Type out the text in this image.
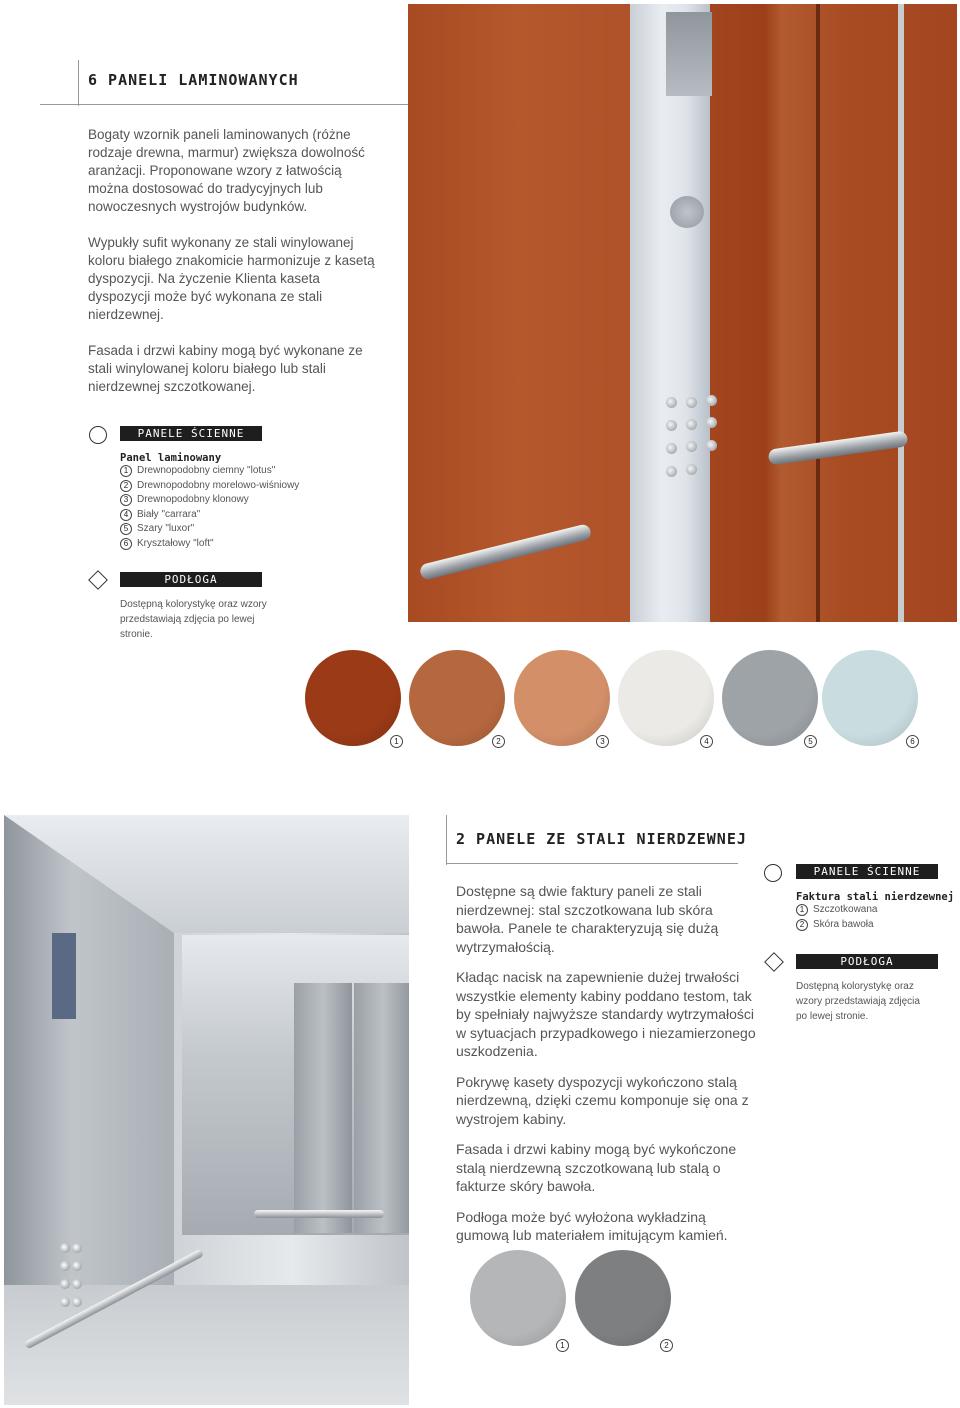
6 PANELI LAMINOWANYCH

Bogaty wzornik paneli laminowanych (różne rodzaje drewna, marmur) zwiększa dowolność aranżacji. Proponowane wzory z łatwością można dostosować do tradycyjnych lub nowoczesnych wystrojów budynków.

Wypukły sufit wykonany ze stali winylowanej koloru białego znakomicie harmonizuje z kasetą dyspozycji. Na życzenie Klienta kaseta dyspozycji może być wykonana ze stali nierdzewnej.

Fasada i drzwi kabiny mogą być wykonane ze stali winylowanej koloru białego lub stali nierdzewnej szczotkowanej.

PANELE ŚCIENNE
Panel laminowany
1 Drewnopodobny ciemny "lotus"
2 Drewnopodobny morelowo-wiśniowy
3 Drewnopodobny klonowy
4 Biały "carrara"
5 Szary "luxor"
6 Kryształowy "loft"
PODŁOGA
Dostępną kolorystykę oraz wzory przedstawiają zdjęcia po lewej stronie.
1	2	3	4	5	6
2 PANELE ZE STALI NIERDZEWNEJ

Dostępne są dwie faktury paneli ze stali nierdzewnej: stal szczotkowana lub skóra bawoła. Panele te charakteryzują się dużą wytrzymałością.

Kładąc nacisk na zapewnienie dużej trwałości wszystkie elementy kabiny poddano testom, tak by spełniały najwyższe standardy wytrzymałości w sytuacjach przypadkowego i niezamierzonego uszkodzenia.

Pokrywę kasety dyspozycji wykończono stalą nierdzewną, dzięki czemu komponuje się ona z wystrojem kabiny.

Fasada i drzwi kabiny mogą być wykończone stalą nierdzewną szczotkowaną lub stalą o fakturze skóry bawoła.

Podłoga może być wyłożona wykładziną gumową lub materiałem imitującym kamień.

PANELE ŚCIENNE
Faktura stali nierdzewnej
1 Szczotkowana
2 Skóra bawoła
PODŁOGA
Dostępną kolorystykę oraz wzory przedstawiają zdjęcia po lewej stronie.
1	2
